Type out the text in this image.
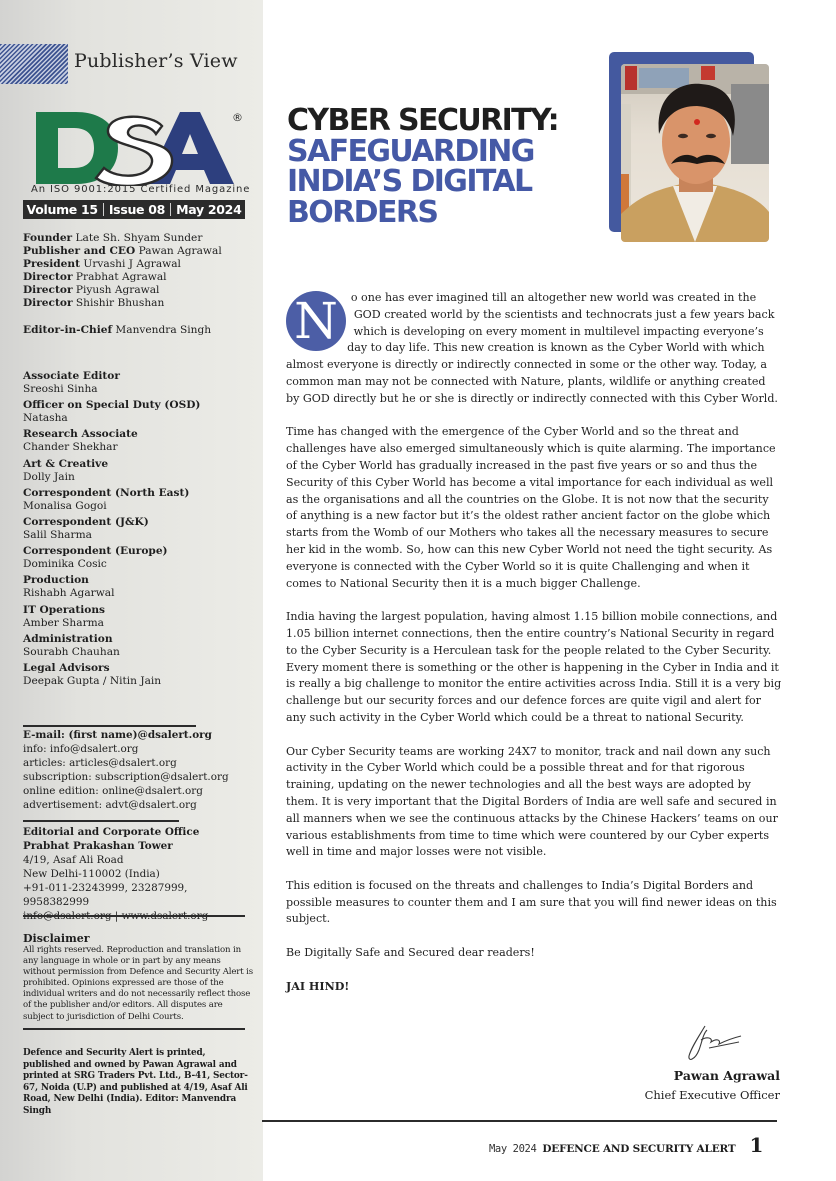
Publisher’s View
®
An ISO 9001:2015 Certified Magazine
Volume 15 Issue 08 May 2024
Founder Late Sh. Shyam Sunder
Publisher and CEO Pawan Agrawal
President Urvashi J Agrawal
Director Prabhat Agrawal
Director Piyush Agrawal
Director Shishir Bhushan
Editor-in-Chief Manvendra Singh
Associate Editor
Sreoshi Sinha
Officer on Special Duty (OSD)
Natasha
Research Associate
Chander Shekhar
Art & Creative
Dolly Jain
Correspondent (North East)
Monalisa Gogoi
Correspondent (J&K)
Salil Sharma
Correspondent (Europe)
Dominika Cosic
Production
Rishabh Agarwal
IT Operations
Amber Sharma
Administration
Sourabh Chauhan
Legal Advisors
Deepak Gupta / Nitin Jain
E-mail: (first name)@dsalert.org
info: info@dsalert.org
articles: articles@dsalert.org
subscription: subscription@dsalert.org
online edition: online@dsalert.org
advertisement: advt@dsalert.org
Editorial and Corporate Office
Prabhat Prakashan Tower
4/19, Asaf Ali Road
New Delhi-110002 (India)
+91-011-23243999, 23287999, 9958382999
Disclaimer
All rights reserved. Reproduction and translation in any language in whole or in part by any means without permission from Defence and Security Alert is prohibited. Opinions expressed are those of the individual writers and do not necessarily reflect those of the publisher and/or editors. All disputes are subject to jurisdiction of Delhi Courts.
Defence and Security Alert is printed, published and owned by Pawan Agrawal and printed at SRG Traders Pvt. Ltd., B-41, Sector-67, Noida (U.P) and published at 4/19, Asaf Ali Road, New Delhi (India). Editor: Manvendra Singh
CYBER SECURITY:
SAFEGUARDING INDIA’S DIGITAL BORDERS

N	o one has ever imagined till an altogether new world was created in the GOD created world by the scientists and technocrats just a few years back which is developing on every moment in multilevel impacting everyone’s day to day life. This new creation is known as the Cyber World with which almost everyone is directly or indirectly connected in some or the other way. Today, a common man may not be connected with Nature, plants, wildlife or anything created by GOD directly but he or she is directly or indirectly connected with this Cyber World.

Time has changed with the emergence of the Cyber World and so the threat and challenges have also emerged simultaneously which is quite alarming. The importance of the Cyber World has gradually increased in the past five years or so and thus the Security of this Cyber World has become a vital importance for each individual as well as the organisations and all the countries on the Globe. It is not now that the security of anything is a new factor but it’s the oldest rather ancient factor on the globe which starts from the Womb of our Mothers who takes all the necessary measures to secure her kid in the womb. So, how can this new Cyber World not need the tight security. As everyone is connected with the Cyber World so it is quite Challenging and when it comes to National Security then it is a much bigger Challenge.

India having the largest population, having almost 1.15 billion mobile connections, and 1.05 billion internet connections, then the entire country’s National Security in regard to the Cyber Security is a Herculean task for the people related to the Cyber Security. Every moment there is something or the other is happening in the Cyber in India and it is really a big challenge to monitor the entire activities across India. Still it is a very big challenge but our security forces and our defence forces are quite vigil and alert for any such activity in the Cyber World which could be a threat to national Security.

Our Cyber Security teams are working 24X7 to monitor, track and nail down any such activity in the Cyber World which could be a possible threat and for that rigorous training, updating on the newer technologies and all the best ways are adopted by them. It is very important that the Digital Borders of India are well safe and secured in all manners when we see the continuous attacks by the Chinese Hackers’ teams on our various establishments from time to time which were countered by our Cyber experts well in time and major losses were not visible.

This edition is focused on the threats and challenges to India’s Digital Borders and possible measures to counter them and I am sure that you will find newer ideas on this subject.

Be Digitally Safe and Secured dear readers!

JAI HIND!

Pawan Agrawal
Chief Executive Officer
May 2024 DEFENCE AND SECURITY ALERT 1
